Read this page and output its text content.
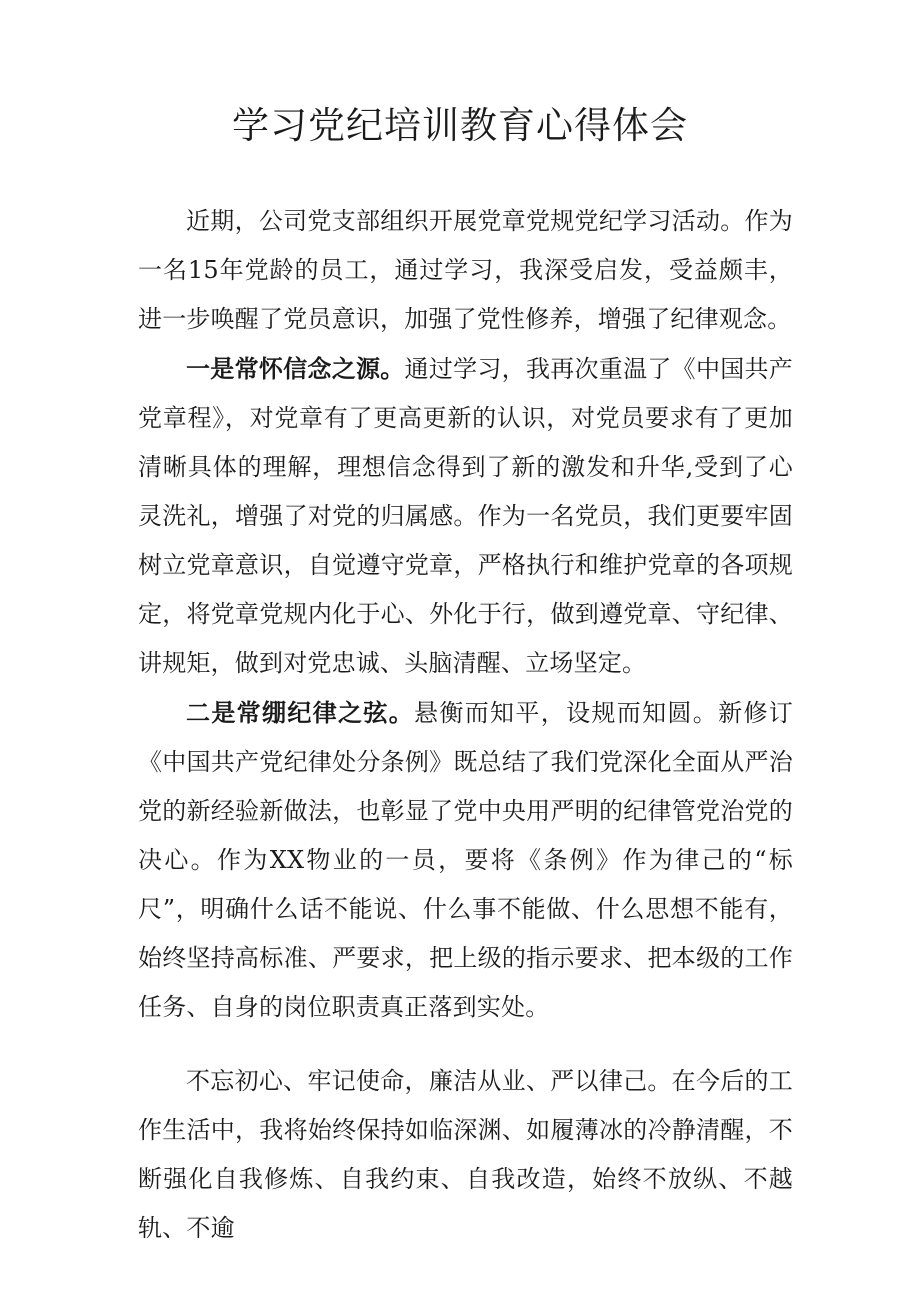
学习党纪培训教育心得体会

近期，公司党支部组织开展党章党规党纪学习活动。作为一名15年党龄的员工，通过学习，我深受启发，受益颇丰，进一步唤醒了党员意识，加强了党性修养，增强了纪律观念。

一是常怀信念之源。通过学习，我再次重温了《中国共产党章程》，对党章有了更高更新的认识，对党员要求有了更加清晰具体的理解，理想信念得到了新的激发和升华,受到了心灵洗礼，增强了对党的归属感。作为一名党员，我们更要牢固树立党章意识，自觉遵守党章，严格执行和维护党章的各项规定，将党章党规内化于心、外化于行，做到遵党章、守纪律、讲规矩，做到对党忠诚、头脑清醒、立场坚定。

二是常绷纪律之弦。悬衡而知平，设规而知圆。新修订《中国共产党纪律处分条例》既总结了我们党深化全面从严治党的新经验新做法，也彰显了党中央用严明的纪律管党治党的决心。作为XX物业的一员，要将《条例》作为律己的“标尺”，明确什么话不能说、什么事不能做、什么思想不能有，始终坚持高标准、严要求，把上级的指示要求、把本级的工作任务、自身的岗位职责真正落到实处。

不忘初心、牢记使命，廉洁从业、严以律己。在今后的工作生活中，我将始终保持如临深渊、如履薄冰的冷静清醒，不断强化自我修炼、自我约束、自我改造，始终不放纵、不越轨、不逾
